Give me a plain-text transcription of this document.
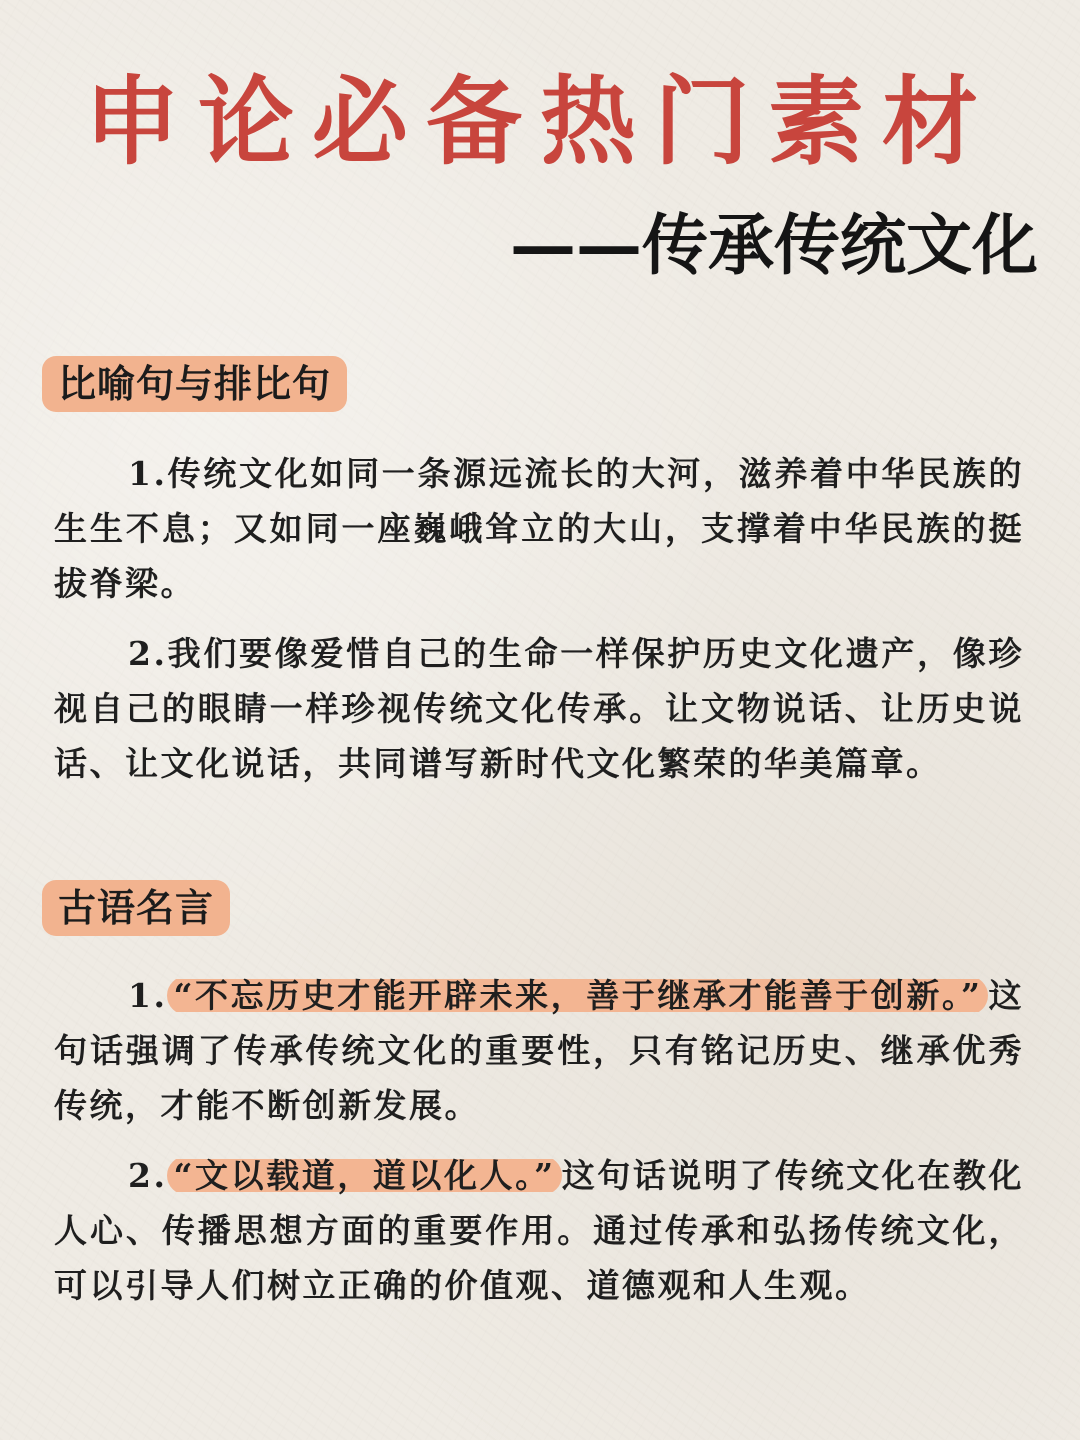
申论必备热门素材
——传承传统文化
比喻句与排比句
1.传统文化如同一条源远流长的大河，滋养着中华民族的生生不息；又如同一座巍峨耸立的大山，支撑着中华民族的挺拔脊梁。
2.我们要像爱惜自己的生命一样保护历史文化遗产，像珍视自己的眼睛一样珍视传统文化传承。让文物说话、让历史说话、让文化说话，共同谱写新时代文化繁荣的华美篇章。
古语名言
1. “不忘历史才能开辟未来，善于继承才能善于创新。” 这句话强调了传承传统文化的重要性，只有铭记历史、继承优秀传统，才能不断创新发展。
2. “文以载道，道以化人。” 这句话说明了传统文化在教化人心、传播思想方面的重要作用。通过传承和弘扬传统文化，可以引导人们树立正确的价值观、道德观和人生观。
